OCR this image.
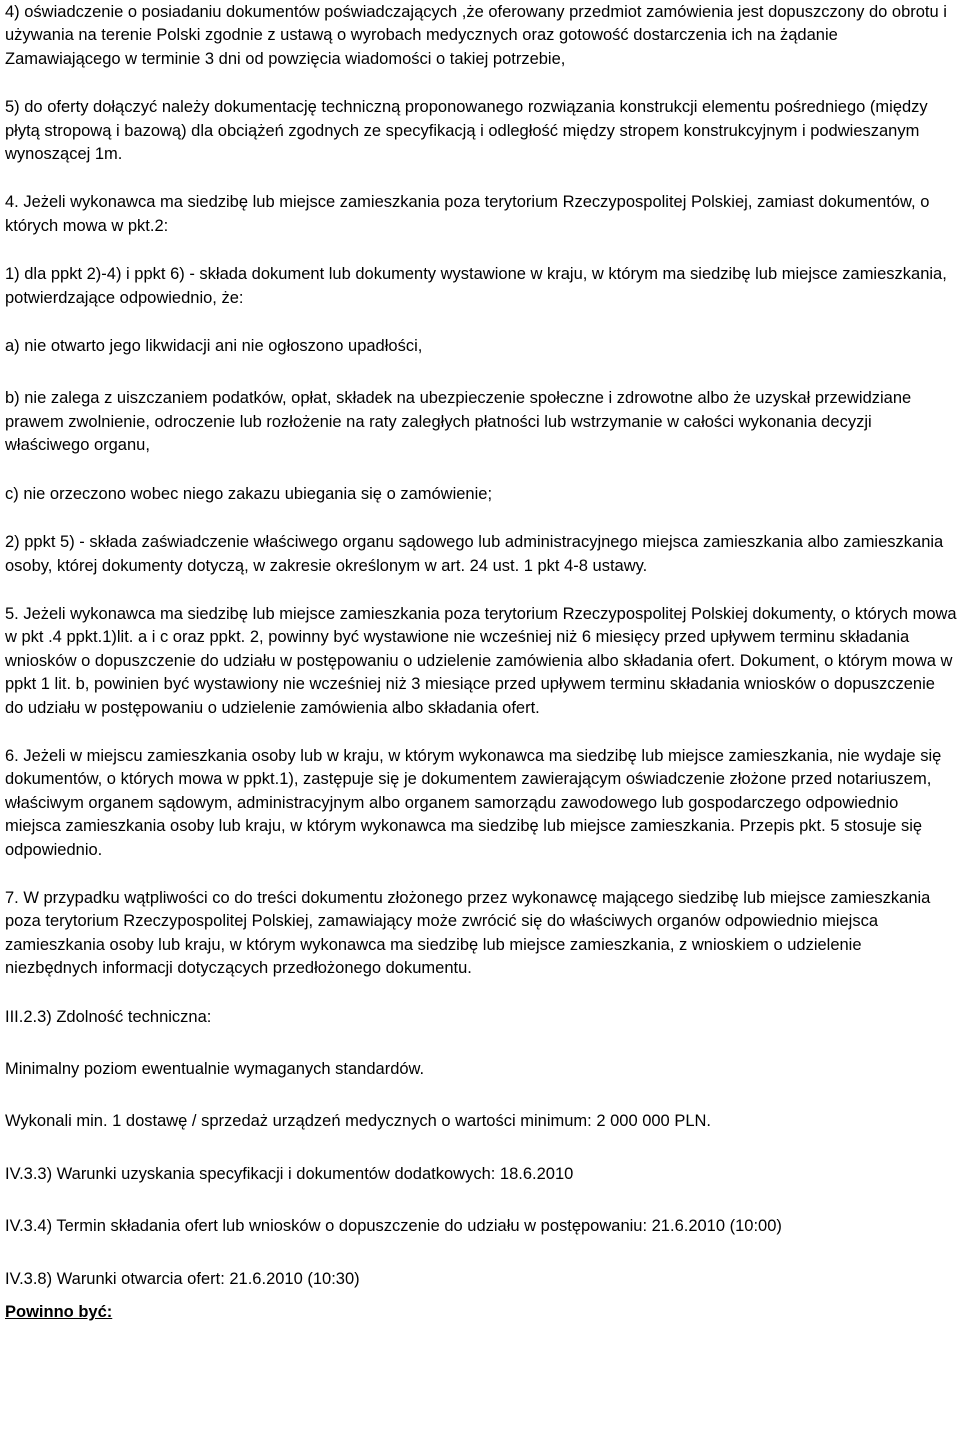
4) oświadczenie o posiadaniu dokumentów poświadczających ,że oferowany przedmiot zamówienia jest dopuszczony do obrotu i używania na terenie Polski zgodnie z ustawą o wyrobach medycznych oraz gotowość dostarczenia ich na żądanie Zamawiającego w terminie 3 dni od powzięcia wiadomości o takiej potrzebie,

5) do oferty dołączyć należy dokumentację techniczną proponowanego rozwiązania konstrukcji elementu pośredniego (między płytą stropową i bazową) dla obciążeń zgodnych ze specyfikacją i odległość między stropem konstrukcyjnym i podwieszanym wynoszącej 1m.

4. Jeżeli wykonawca ma siedzibę lub miejsce zamieszkania poza terytorium Rzeczypospolitej Polskiej, zamiast dokumentów, o których mowa w pkt.2:

1) dla ppkt 2)-4) i ppkt 6) - składa dokument lub dokumenty wystawione w kraju, w którym ma siedzibę lub miejsce zamieszkania, potwierdzające odpowiednio, że:

a) nie otwarto jego likwidacji ani nie ogłoszono upadłości,

b) nie zalega z uiszczaniem podatków, opłat, składek na ubezpieczenie społeczne i zdrowotne albo że uzyskał przewidziane prawem zwolnienie, odroczenie lub rozłożenie na raty zaległych płatności lub wstrzymanie w całości wykonania decyzji właściwego organu,

c) nie orzeczono wobec niego zakazu ubiegania się o zamówienie;

2) ppkt 5) - składa zaświadczenie właściwego organu sądowego lub administracyjnego miejsca zamieszkania albo zamieszkania osoby, której dokumenty dotyczą, w zakresie określonym w art. 24 ust. 1 pkt 4-8 ustawy.

5. Jeżeli wykonawca ma siedzibę lub miejsce zamieszkania poza terytorium Rzeczypospolitej Polskiej dokumenty, o których mowa w pkt .4 ppkt.1)lit. a i c oraz ppkt. 2, powinny być wystawione nie wcześniej niż 6 miesięcy przed upływem terminu składania wniosków o dopuszczenie do udziału w postępowaniu o udzielenie zamówienia albo składania ofert. Dokument, o którym mowa w ppkt 1 lit. b, powinien być wystawiony nie wcześniej niż 3 miesiące przed upływem terminu składania wniosków o dopuszczenie do udziału w postępowaniu o udzielenie zamówienia albo składania ofert.

6. Jeżeli w miejscu zamieszkania osoby lub w kraju, w którym wykonawca ma siedzibę lub miejsce zamieszkania, nie wydaje się dokumentów, o których mowa w ppkt.1), zastępuje się je dokumentem zawierającym oświadczenie złożone przed notariuszem, właściwym organem sądowym, administracyjnym albo organem samorządu zawodowego lub gospodarczego odpowiednio miejsca zamieszkania osoby lub kraju, w którym wykonawca ma siedzibę lub miejsce zamieszkania. Przepis pkt. 5 stosuje się odpowiednio.

7. W przypadku wątpliwości co do treści dokumentu złożonego przez wykonawcę mającego siedzibę lub miejsce zamieszkania poza terytorium Rzeczypospolitej Polskiej, zamawiający może zwrócić się do właściwych organów odpowiednio miejsca zamieszkania osoby lub kraju, w którym wykonawca ma siedzibę lub miejsce zamieszkania, z wnioskiem o udzielenie niezbędnych informacji dotyczących przedłożonego dokumentu.

III.2.3) Zdolność techniczna:

Minimalny poziom ewentualnie wymaganych standardów.

Wykonali min. 1 dostawę / sprzedaż urządzeń medycznych o wartości minimum: 2 000 000 PLN.

IV.3.3) Warunki uzyskania specyfikacji i dokumentów dodatkowych: 18.6.2010

IV.3.4) Termin składania ofert lub wniosków o dopuszczenie do udziału w postępowaniu: 21.6.2010 (10:00)

IV.3.8) Warunki otwarcia ofert: 21.6.2010 (10:30)

Powinno być:
